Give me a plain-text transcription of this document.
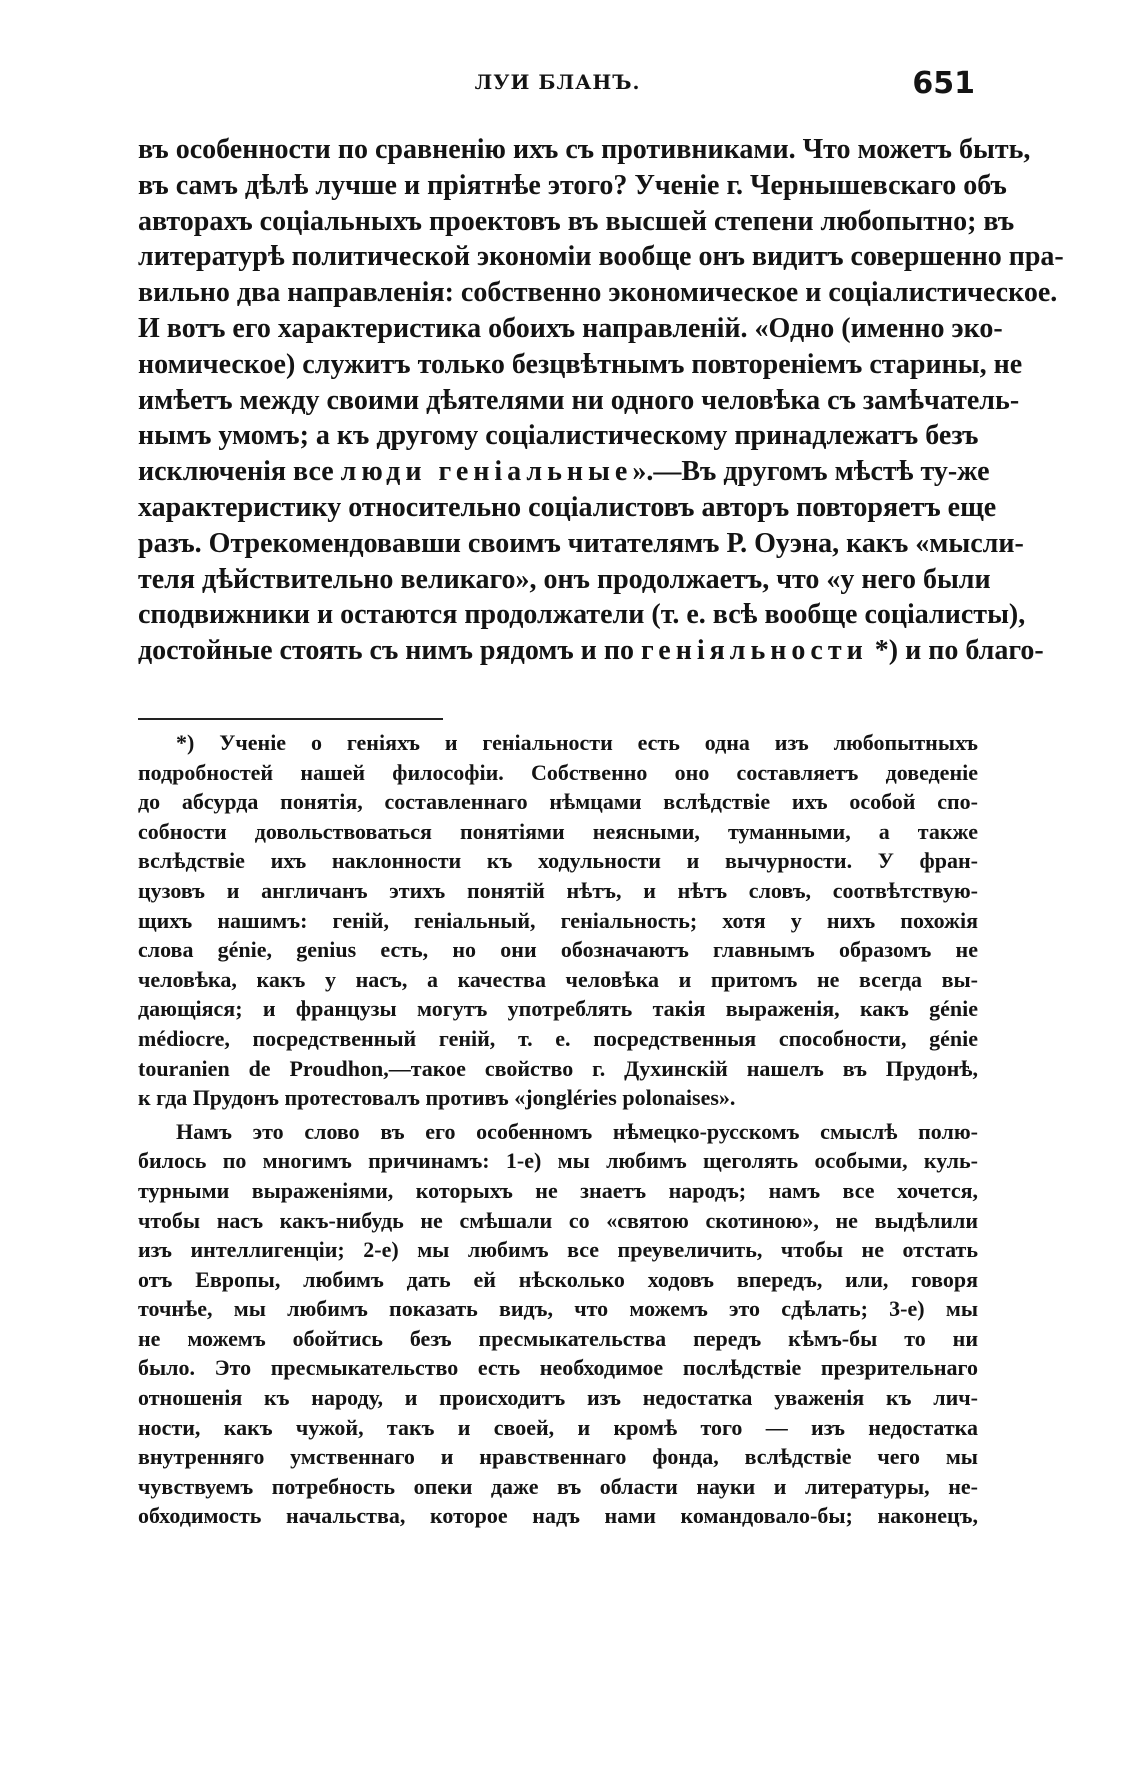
ЛУИ БЛАНЪ.	651
въ особенности по сравненію ихъ съ противниками. Что можетъ быть,
въ самъ дѣлѣ лучше и пріятнѣе этого? Ученіе г. Чернышевскаго объ
авторахъ соціальныхъ проектовъ въ высшей степени любопытно; въ
литературѣ политической экономіи вообще онъ видитъ совершенно пра-
вильно два направленія: собственно экономическое и соціалистическое.
И вотъ его характеристика обоихъ направленій. «Одно (именно эко-
номическое) служитъ только безцвѣтнымъ повтореніемъ старины, не
имѣетъ между своими дѣятелями ни одного человѣка съ замѣчатель-
нымъ умомъ; а къ другому соціалистическому принадлежатъ безъ
исключенія все люди геніальные».—Въ другомъ мѣстѣ ту-же
характеристику относительно соціалистовъ авторъ повторяетъ еще
разъ. Отрекомендовавши своимъ читателямъ Р. Оуэна, какъ «мысли-
теля дѣйствительно великаго», онъ продолжаетъ, что «у него были
сподвижники и остаются продолжатели (т. е. всѣ вообще соціалисты),
достойные стоять съ нимъ рядомъ и по геніяльности *) и по благо-
*) Ученіе о геніяхъ и геніальности есть одна изъ любопытныхъ
подробностей нашей философіи. Собственно оно составляетъ доведеніе
до абсурда понятія, составленнаго нѣмцами вслѣдствіе ихъ особой спо-
собности довольствоваться понятіями неясными, туманными, а также
вслѣдствіе ихъ наклонности къ ходульности и вычурности. У фран-
цузовъ и англичанъ этихъ понятій нѣтъ, и нѣтъ словъ, соотвѣтствую-
щихъ нашимъ: геній, геніальный, геніальность; хотя у нихъ похожія
слова génie, genius есть, но они обозначаютъ главнымъ образомъ не
человѣка, какъ у насъ, а качества человѣка и притомъ не всегда вы-
дающіяся; и французы могутъ употреблять такія выраженія, какъ génie
médiocre, посредственный геній, т. е. посредственныя способности, génie
touranien de Proudhon,—такое свойство г. Духинскій нашелъ въ Прудонѣ,
к гда Прудонъ протестовалъ противъ «jongléries polonaises».
Намъ это слово въ его особенномъ нѣмецко-русскомъ смыслѣ полю-
билось по многимъ причинамъ: 1-е) мы любимъ щеголять особыми, куль-
турными выраженіями, которыхъ не знаетъ народъ; намъ все хочется,
чтобы насъ какъ-нибудь не смѣшали со «святою скотиною», не выдѣлили
изъ интеллигенціи; 2-е) мы любимъ все преувеличить, чтобы не отстать
отъ Европы, любимъ дать ей нѣсколько ходовъ впередъ, или, говоря
точнѣе, мы любимъ показать видъ, что можемъ это сдѣлать; 3-е) мы
не можемъ обойтись безъ пресмыкательства передъ кѣмъ-бы то ни
было. Это пресмыкательство есть необходимое послѣдствіе презрительнаго
отношенія къ народу, и происходитъ изъ недостатка уваженія къ лич-
ности, какъ чужой, такъ и своей, и кромѣ того — изъ недостатка
внутренняго умственнаго и нравственнаго фонда, вслѣдствіе чего мы
чувствуемъ потребность опеки даже въ области науки и литературы, не-
обходимость начальства, которое надъ нами командовало-бы; наконецъ,
